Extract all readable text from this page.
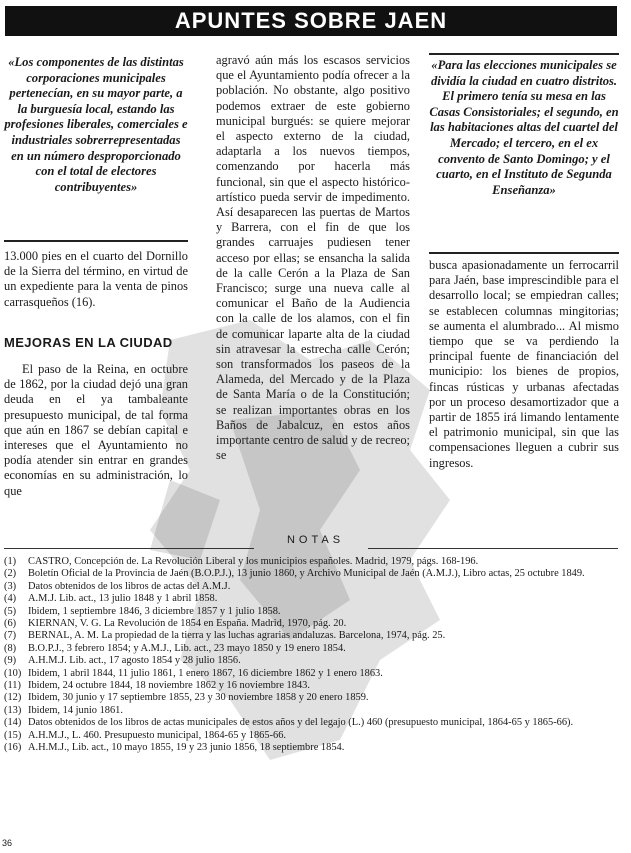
APUNTES SOBRE JAEN
«Los componentes de las distintas corporaciones municipales pertenecían, en su mayor parte, a la burguesía local, estando las profesiones liberales, comerciales e industriales sobrerrepresentadas en un número desproporcionado con el total de electores contribuyentes»

13.000 pies en el cuarto del Dornillo de la Sierra del término, en virtud de un expediente para la venta de pinos carrasqueños (16).

MEJORAS EN LA CIUDAD

El paso de la Reina, en octubre de 1862, por la ciudad dejó una gran deuda en el ya tambaleante presupuesto municipal, de tal forma que aún en 1867 se debían capital e intereses que el Ayuntamiento no podía atender sin entrar en grandes economías en su administración, lo que

agravó aún más los escasos servicios que el Ayuntamiento podía ofrecer a la población. No obstante, algo positivo podemos extraer de este gobierno municipal burgués: se quiere mejorar el aspecto externo de la ciudad, adaptarla a los nuevos tiempos, comenzando por hacerla más funcional, sin que el aspecto histórico-artístico pueda servir de impedimento. Así desaparecen las puertas de Martos y Barrera, con el fin de que los grandes carruajes pudiesen tener acceso por ellas; se ensancha la salida de la calle Cerón a la Plaza de San Francisco; surge una nueva calle al comunicar el Baño de la Audiencia con la calle de los alamos, con el fin de comunicar laparte alta de la ciudad sin atravesar la estrecha calle Cerón; son transformados los paseos de la Alameda, del Mercado y de la Plaza de Santa María o de la Constitución; se realizan importantes obras en los Baños de Jabalcuz, en estos años importante centro de salud y de recreo; se

«Para las elecciones municipales se dividía la ciudad en cuatro distritos. El primero tenía su mesa en las Casas Consistoriales; el segundo, en las habitaciones altas del cuartel del Mercado; el tercero, en el ex convento de Santo Domingo; y el cuarto, en el Instituto de Segunda Enseñanza»

busca apasionadamente un ferrocarril para Jaén, base imprescindible para el desarrollo local; se empiedran calles; se establecen columnas mingitorias; se aumenta el alumbrado... Al mismo tiempo que se va perdiendo la principal fuente de financiación del municipio: los bienes de propios, fincas rústicas y urbanas afectadas por un proceso desamortizador que a partir de 1855 irá limando lentamente el patrimonio municipal, sin que las compensaciones lleguen a cubrir sus ingresos.

NOTAS
(1)	CASTRO, Concepción de. La Revolución Liberal y los municipios españoles. Madrid, 1979, págs. 168-196.
(2)	Boletín Oficial de la Provincia de Jaén (B.O.P.J.), 13 junio 1860, y Archivo Municipal de Jaén (A.M.J.), Libro actas, 25 octubre 1849.
(3)	Datos obtenidos de los libros de actas del A.M.J.
(4)	A.M.J. Lib. act., 13 julio 1848 y 1 abril 1858.
(5)	Ibidem, 1 septiembre 1846, 3 diciembre 1857 y 1 julio 1858.
(6)	KIERNAN, V. G. La Revolución de 1854 en España. Madrid, 1970, pág. 20.
(7)	BERNAL, A. M. La propiedad de la tierra y las luchas agrarias andaluzas. Barcelona, 1974, pág. 25.
(8)	B.O.P.J., 3 febrero 1854; y A.M.J., Lib. act., 23 mayo 1850 y 19 enero 1854.
(9)	A.H.M.J. Lib. act., 17 agosto 1854 y 28 julio 1856.
(10) Ibidem, 1 abril 1844, 11 julio 1861, 1 enero 1867, 16 diciembre 1862 y 1 enero 1863.
(11) Ibidem, 24 octubre 1844, 18 noviembre 1862 y 16 noviembre 1843.
(12) Ibidem, 30 junio y 17 septiembre 1855, 23 y 30 noviembre 1858 y 20 enero 1859.
(13) Ibidem, 14 junio 1861.
(14) Datos obtenidos de los libros de actas municipales de estos años y del legajo (L.) 460 (presupuesto municipal, 1864-65 y 1865-66).
(15) A.H.M.J., L. 460. Presupuesto municipal, 1864-65 y 1865-66.
(16) A.H.M.J., Lib. act., 10 mayo 1855, 19 y 23 junio 1856, 18 septiembre 1854.
36
